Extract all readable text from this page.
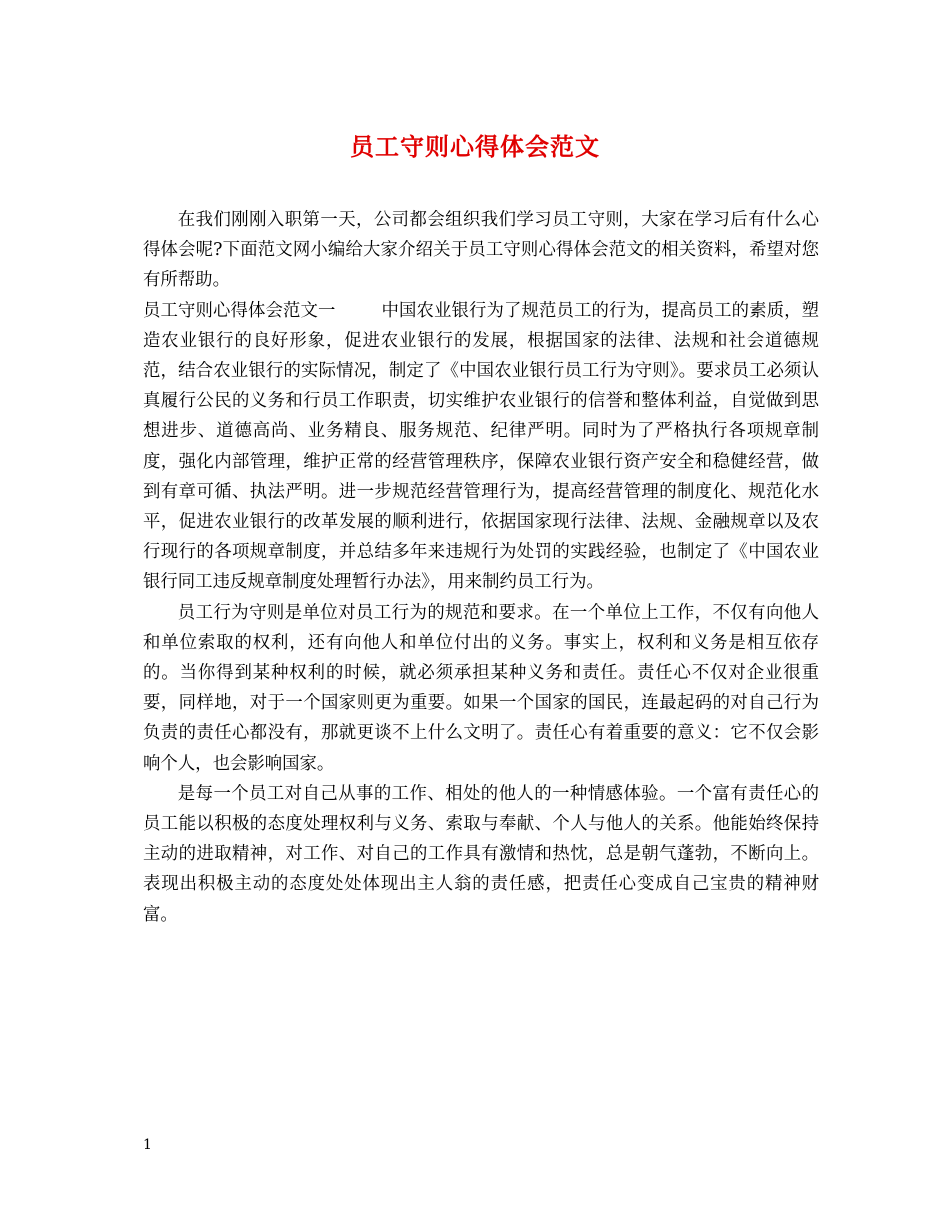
员工守则心得体会范文

在我们刚刚入职第一天，公司都会组织我们学习员工守则，大家在学习后有什么心得体会呢?下面范文网小编给大家介绍关于员工守则心得体会范文的相关资料，希望对您有所帮助。

员工守则心得体会范文一	中国农业银行为了规范员工的行为，提高员工的素质，塑造农业银行的良好形象，促进农业银行的发展，根据国家的法律、法规和社会道德规范，结合农业银行的实际情况，制定了《中国农业银行员工行为守则》。要求员工必须认真履行公民的义务和行员工作职责，切实维护农业银行的信誉和整体利益，自觉做到思想进步、道德高尚、业务精良、服务规范、纪律严明。同时为了严格执行各项规章制度，强化内部管理，维护正常的经营管理秩序，保障农业银行资产安全和稳健经营，做到有章可循、执法严明。进一步规范经营管理行为，提高经营管理的制度化、规范化水平，促进农业银行的改革发展的顺利进行，依据国家现行法律、法规、金融规章以及农行现行的各项规章制度，并总结多年来违规行为处罚的实践经验，也制定了《中国农业银行同工违反规章制度处理暂行办法》，用来制约员工行为。

员工行为守则是单位对员工行为的规范和要求。在一个单位上工作，不仅有向他人和单位索取的权利，还有向他人和单位付出的义务。事实上，权利和义务是相互依存的。当你得到某种权利的时候，就必须承担某种义务和责任。责任心不仅对企业很重要，同样地，对于一个国家则更为重要。如果一个国家的国民，连最起码的对自己行为负责的责任心都没有，那就更谈不上什么文明了。责任心有着重要的意义：它不仅会影响个人，也会影响国家。

是每一个员工对自己从事的工作、相处的他人的一种情感体验。一个富有责任心的员工能以积极的态度处理权利与义务、索取与奉献、个人与他人的关系。他能始终保持主动的进取精神，对工作、对自己的工作具有激情和热忱，总是朝气蓬勃，不断向上。表现出积极主动的态度处处体现出主人翁的责任感，把责任心变成自己宝贵的精神财富。

1
